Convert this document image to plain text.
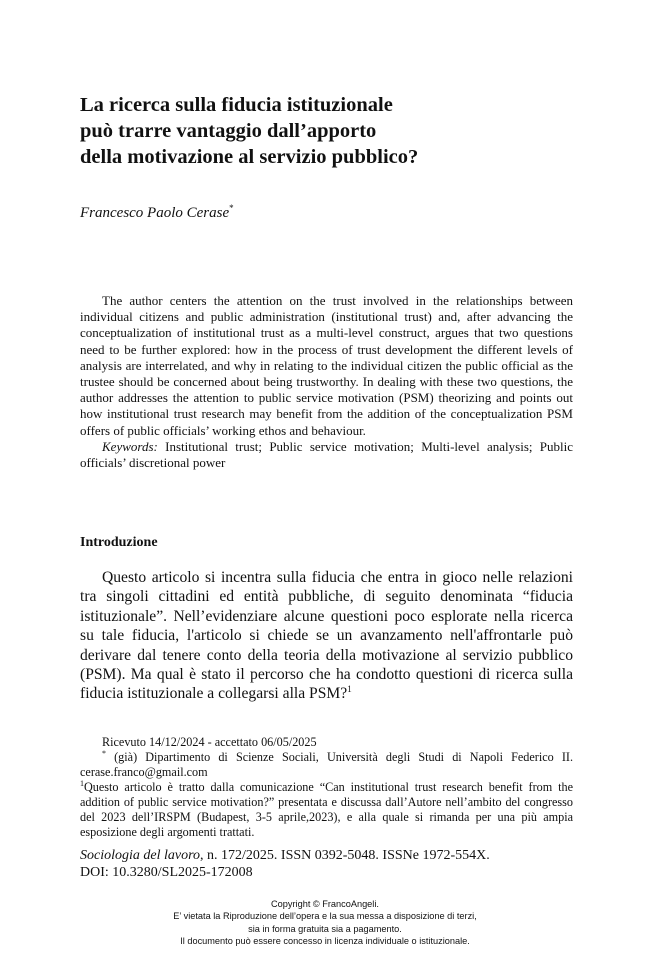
La ricerca sulla fiducia istituzionale
può trarre vantaggio dall’apporto
della motivazione al servizio pubblico?
Francesco Paolo Cerase*

The author centers the attention on the trust involved in the relationships between individual citizens and public administration (institutional trust) and, after advancing the conceptualization of institutional trust as a multi-level construct, argues that two questions need to be further explored: how in the process of trust development the different levels of analysis are interrelated, and why in relating to the individual citizen the public official as the trustee should be concerned about being trustworthy. In dealing with these two questions, the author addresses the attention to public service motivation (PSM) theorizing and points out how institutional trust research may benefit from the addition of the conceptualization PSM offers of public officials’ working ethos and behaviour.

Keywords: Institutional trust; Public service motivation; Multi-level analysis; Public officials’ discretional power

Introduzione

Questo articolo si incentra sulla fiducia che entra in gioco nelle relazioni tra singoli cittadini ed entità pubbliche, di seguito denominata “fiducia istituzionale”. Nell’evidenziare alcune questioni poco esplorate nella ricerca su tale fiducia, l'articolo si chiede se un avanzamento nell'affrontarle può derivare dal tenere conto della teoria della motivazione al servizio pubblico (PSM). Ma qual è stato il percorso che ha condotto questioni di ricerca sulla fiducia istituzionale a collegarsi alla PSM?$^1$

Ricevuto 14/12/2024 - accettato 06/05/2025

* (già) Dipartimento di Scienze Sociali, Università degli Studi di Napoli Federico II. cerase.franco@gmail.com

$^1$Questo articolo è tratto dalla comunicazione “Can institutional trust research benefit from the addition of public service motivation?” presentata e discussa dall’Autore nell’ambito del congresso del 2023 dell’IRSPM (Budapest, 3-5 aprile,2023), e alla quale si rimanda per una più ampia esposizione degli argomenti trattati.

Sociologia del lavoro, n. 172/2025. ISSN 0392-5048. ISSNe 1972-554X.

DOI: 10.3280/SL2025-172008

Copyright © FrancoAngeli.
E’ vietata la Riproduzione dell’opera e la sua messa a disposizione di terzi,
sia in forma gratuita sia a pagamento.
Il documento può essere concesso in licenza individuale o istituzionale.
